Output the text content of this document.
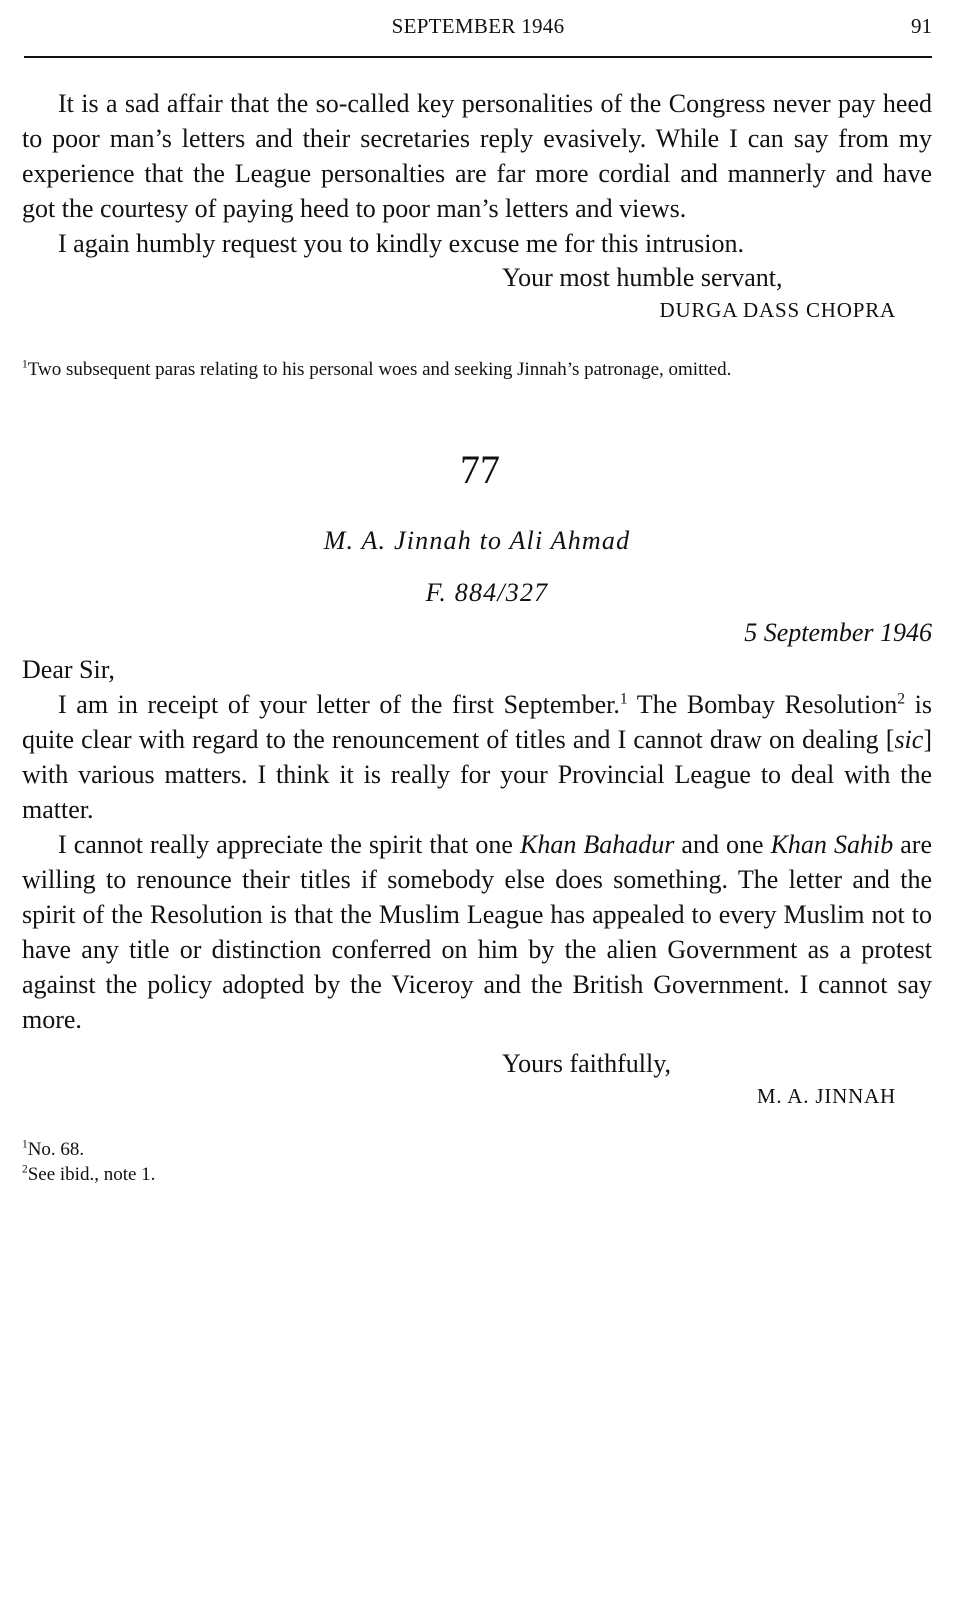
SEPTEMBER 1946	91

It is a sad affair that the so-called key personalities of the Congress never pay heed to poor man’s letters and their secretaries reply evasively. While I can say from my experience that the League personalties are far more cordial and mannerly and have got the courtesy of paying heed to poor man’s letters and views.

I again humbly request you to kindly excuse me for this intrusion.

Your most humble servant,

DURGA DASS CHOPRA

$^1$Two subsequent paras relating to his personal woes and seeking Jinnah’s patronage, omitted.

77
M. A. Jinnah to Ali Ahmad
F. 884/327
5 September 1946

Dear Sir,

I am in receipt of your letter of the first September.$^1$ The Bombay Resolution$^2$ is quite clear with regard to the renouncement of titles and I cannot draw on dealing [sic] with various matters. I think it is really for your Provincial League to deal with the matter.

I cannot really appreciate the spirit that one Khan Bahadur and one Khan Sahib are willing to renounce their titles if somebody else does something. The letter and the spirit of the Resolution is that the Muslim League has appealed to every Muslim not to have any title or distinction conferred on him by the alien Government as a protest against the policy adopted by the Viceroy and the British Government. I cannot say more.

Yours faithfully,

M. A. JINNAH

$^1$No. 68.

$^2$See ibid., note 1.
